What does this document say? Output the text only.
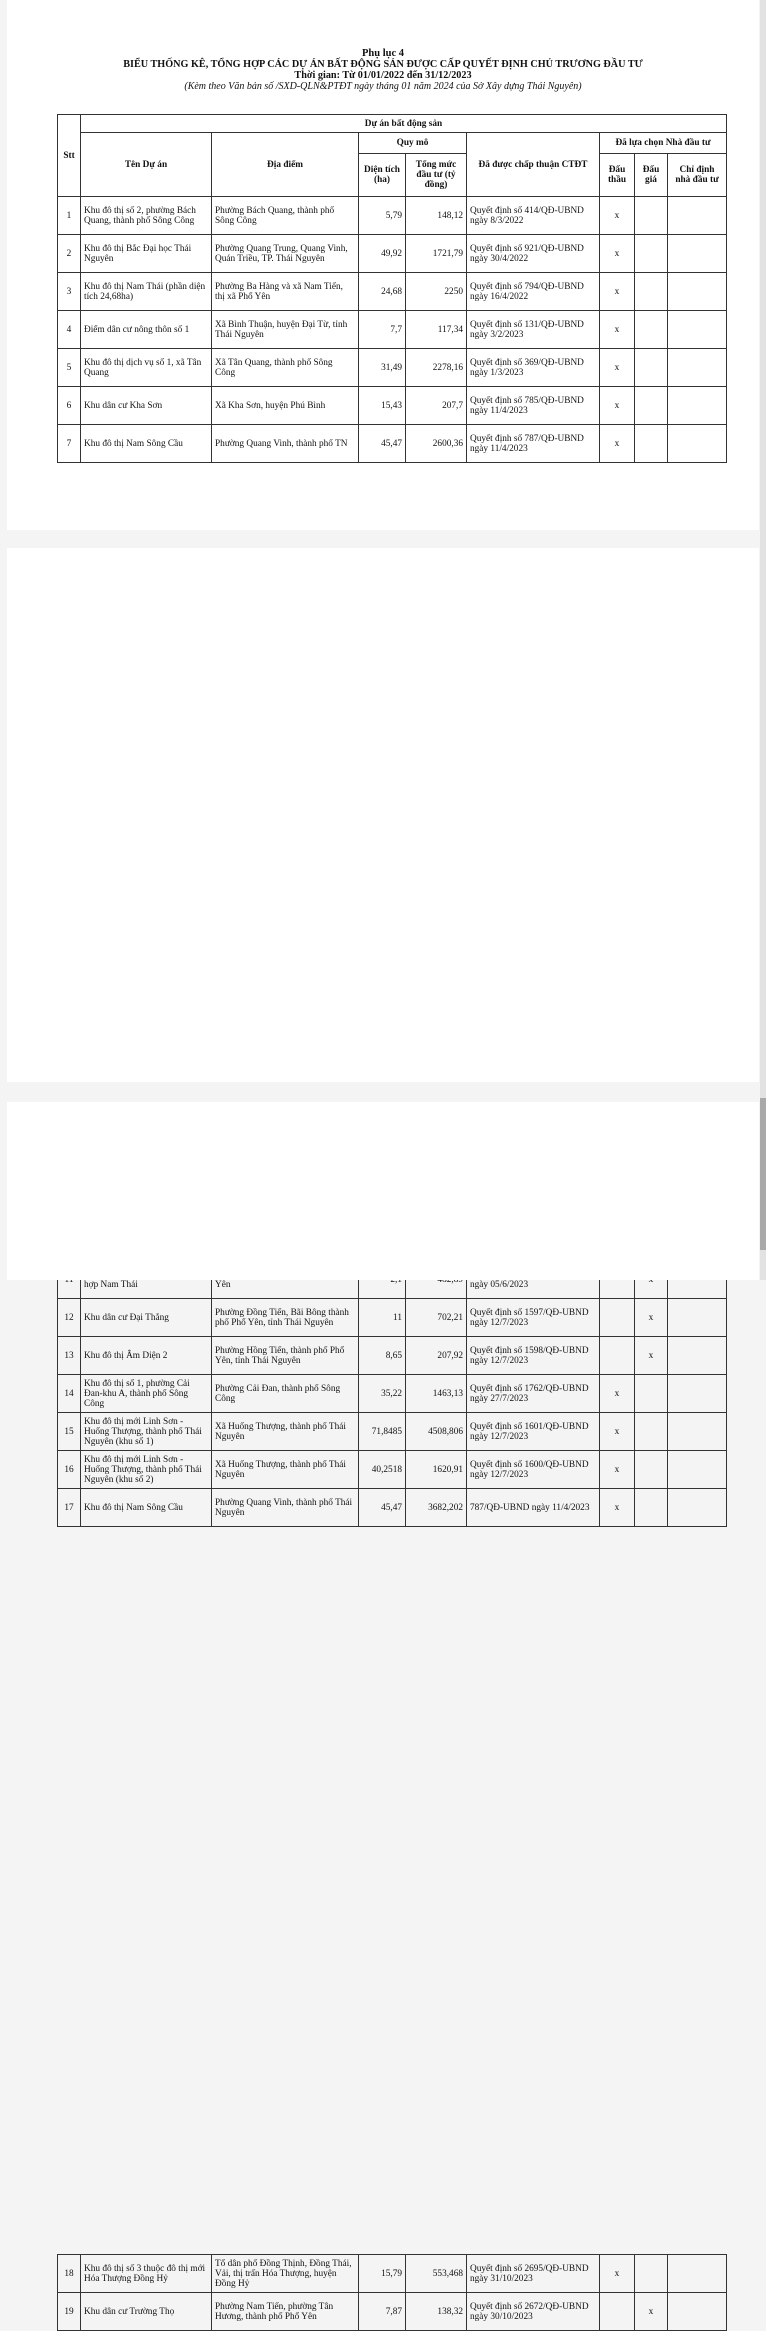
Phụ lục 4
BIỂU THỐNG KÊ, TỔNG HỢP CÁC DỰ ÁN BẤT ĐỘNG SẢN ĐƯỢC CẤP QUYẾT ĐỊNH CHỦ TRƯƠNG ĐẦU TƯ
Thời gian: Từ 01/01/2022 đến 31/12/2023
(Kèm theo Văn bản số /SXD-QLN&PTĐT ngày tháng 01 năm 2024 của Sở Xây dựng Thái Nguyên)
Stt	Dự án bất động sản							
	Tên Dự án	Địa điểm	Quy mô		Đã được chấp thuận CTĐT	Đã lựa chọn Nhà đầu tư		
			Diện tích (ha)	Tổng mức đầu tư (tỷ đồng)		Đấu thầu	Đấu giá	Chỉ định nhà đầu tư
1	Khu đô thị số 2, phường Bách Quang, thành phố Sông Công	Phường Bách Quang, thành phố Sông Công	5,79	148,12	Quyết định số 414/QĐ-UBND ngày 8/3/2022	x		
2	Khu đô thị Bắc Đại học Thái Nguyên	Phường Quang Trung, Quang Vinh, Quán Triều, TP. Thái Nguyên	49,92	1721,79	Quyết định số 921/QĐ-UBND ngày 30/4/2022	x		
3	Khu đô thị Nam Thái (phần diện tích 24,68ha)	Phường Ba Hàng và xã Nam Tiến, thị xã Phổ Yên	24,68	2250	Quyết định số 794/QĐ-UBND ngày 16/4/2022	x		
4	Điểm dân cư nông thôn số 1	Xã Bình Thuận, huyện Đại Từ, tỉnh Thái Nguyên	7,7	117,34	Quyết định số 131/QĐ-UBND ngày 3/2/2023	x		
5	Khu đô thị dịch vụ số 1, xã Tân Quang	Xã Tân Quang, thành phố Sông Công	31,49	2278,16	Quyết định số 369/QĐ-UBND ngày 1/3/2023	x		
6	Khu dân cư Kha Sơn	Xã Kha Sơn, huyện Phú Bình	15,43	207,7	Quyết định số 785/QĐ-UBND ngày 11/4/2023	x		
7	Khu đô thị Nam Sông Cầu	Phường Quang Vinh, thành phố TN	45,47	2600,36	Quyết định số 787/QĐ-UBND ngày 11/4/2023	x		

	hợp Nam Thái	Yên			ngày 05/6/2023			
12	Khu dân cư Đại Thắng	Phường Đồng Tiến, Bãi Bông thành phố Phổ Yên, tỉnh Thái Nguyên	11	702,21	Quyết định số 1597/QĐ-UBND ngày 12/7/2023		x	
13	Khu đô thị Âm Diện 2	Phường Hồng Tiến, thành phố Phổ Yên, tỉnh Thái Nguyên	8,65	207,92	Quyết định số 1598/QĐ-UBND ngày 12/7/2023		x	
14	Khu đô thị số 1, phường Cải Đan-khu A, thành phố Sông Công	Phường Cải Đan, thành phố Sông Công	35,22	1463,13	Quyết định số 1762/QĐ-UBND ngày 27/7/2023	x		
15	Khu đô thị mới Linh Sơn - Huống Thượng, thành phố Thái Nguyên (khu số 1)	Xã Huống Thượng, thành phố Thái Nguyên	71,8485	4508,806	Quyết định số 1601/QĐ-UBND ngày 12/7/2023	x		
16	Khu đô thị mới Linh Sơn - Huống Thượng, thành phố Thái Nguyên (khu số 2)	Xã Huống Thượng, thành phố Thái Nguyên	40,2518	1620,91	Quyết định số 1600/QĐ-UBND ngày 12/7/2023	x		
17	Khu đô thị Nam Sông Cầu	Phường Quang Vinh, thành phố Thái Nguyên	45,47	3682,202	787/QĐ-UBND ngày 11/4/2023	x		
18	Khu đô thị số 3 thuộc đô thị mới Hóa Thượng Đồng Hỷ	Tổ dân phố Đồng Thịnh, Đồng Thái, Vải, thị trấn Hóa Thượng, huyện Đồng Hỷ	15,79	553,468	Quyết định số 2695/QĐ-UBND ngày 31/10/2023	x		
19	Khu dân cư Trường Thọ	Phường Nam Tiến, phường Tân Hương, thành phố Phổ Yên	7,87	138,32	Quyết định số 2672/QĐ-UBND ngày 30/10/2023		x	
